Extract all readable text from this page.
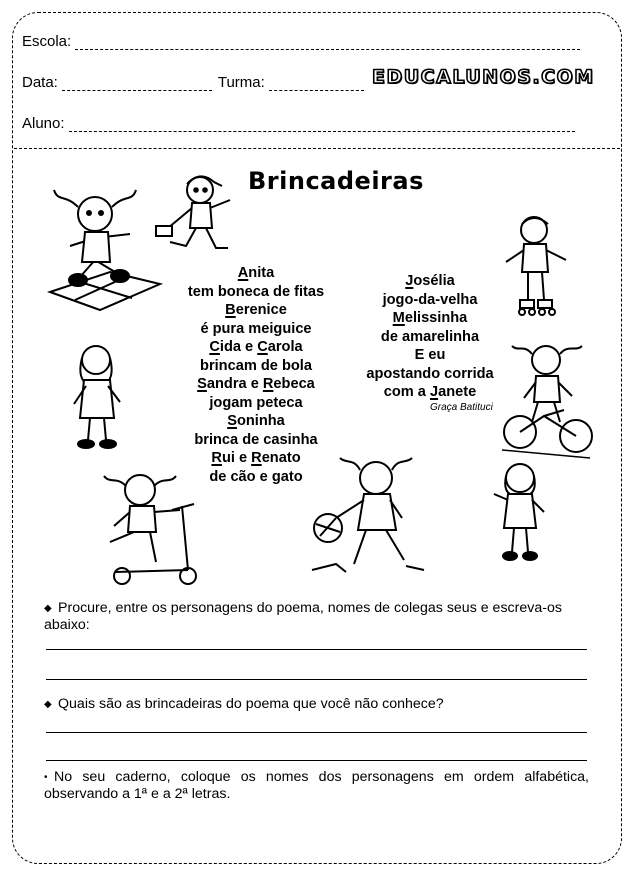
Escola:
Data:	Turma:	EDUCALUNOS.COM
Aluno:
Brincadeiras
Anita
tem boneca de fitas
Berenice
é pura meiguice
Cida e Carola
brincam de bola
Sandra e Rebeca
jogam peteca
Soninha
brinca de casinha
Rui e Renato
de cão e gato
Josélia
jogo-da-velha
Melissinha
de amarelinha
E eu
apostando corrida
com a Janete
Graça Batituci
◆ Procure, entre os personagens do poema, nomes de colegas seus e escreva-os abaixo:
◆ Quais são as brincadeiras do poema que você não conhece?
• No seu caderno, coloque os nomes dos personagens em ordem alfabética, observando a 1ª e a 2ª letras.
